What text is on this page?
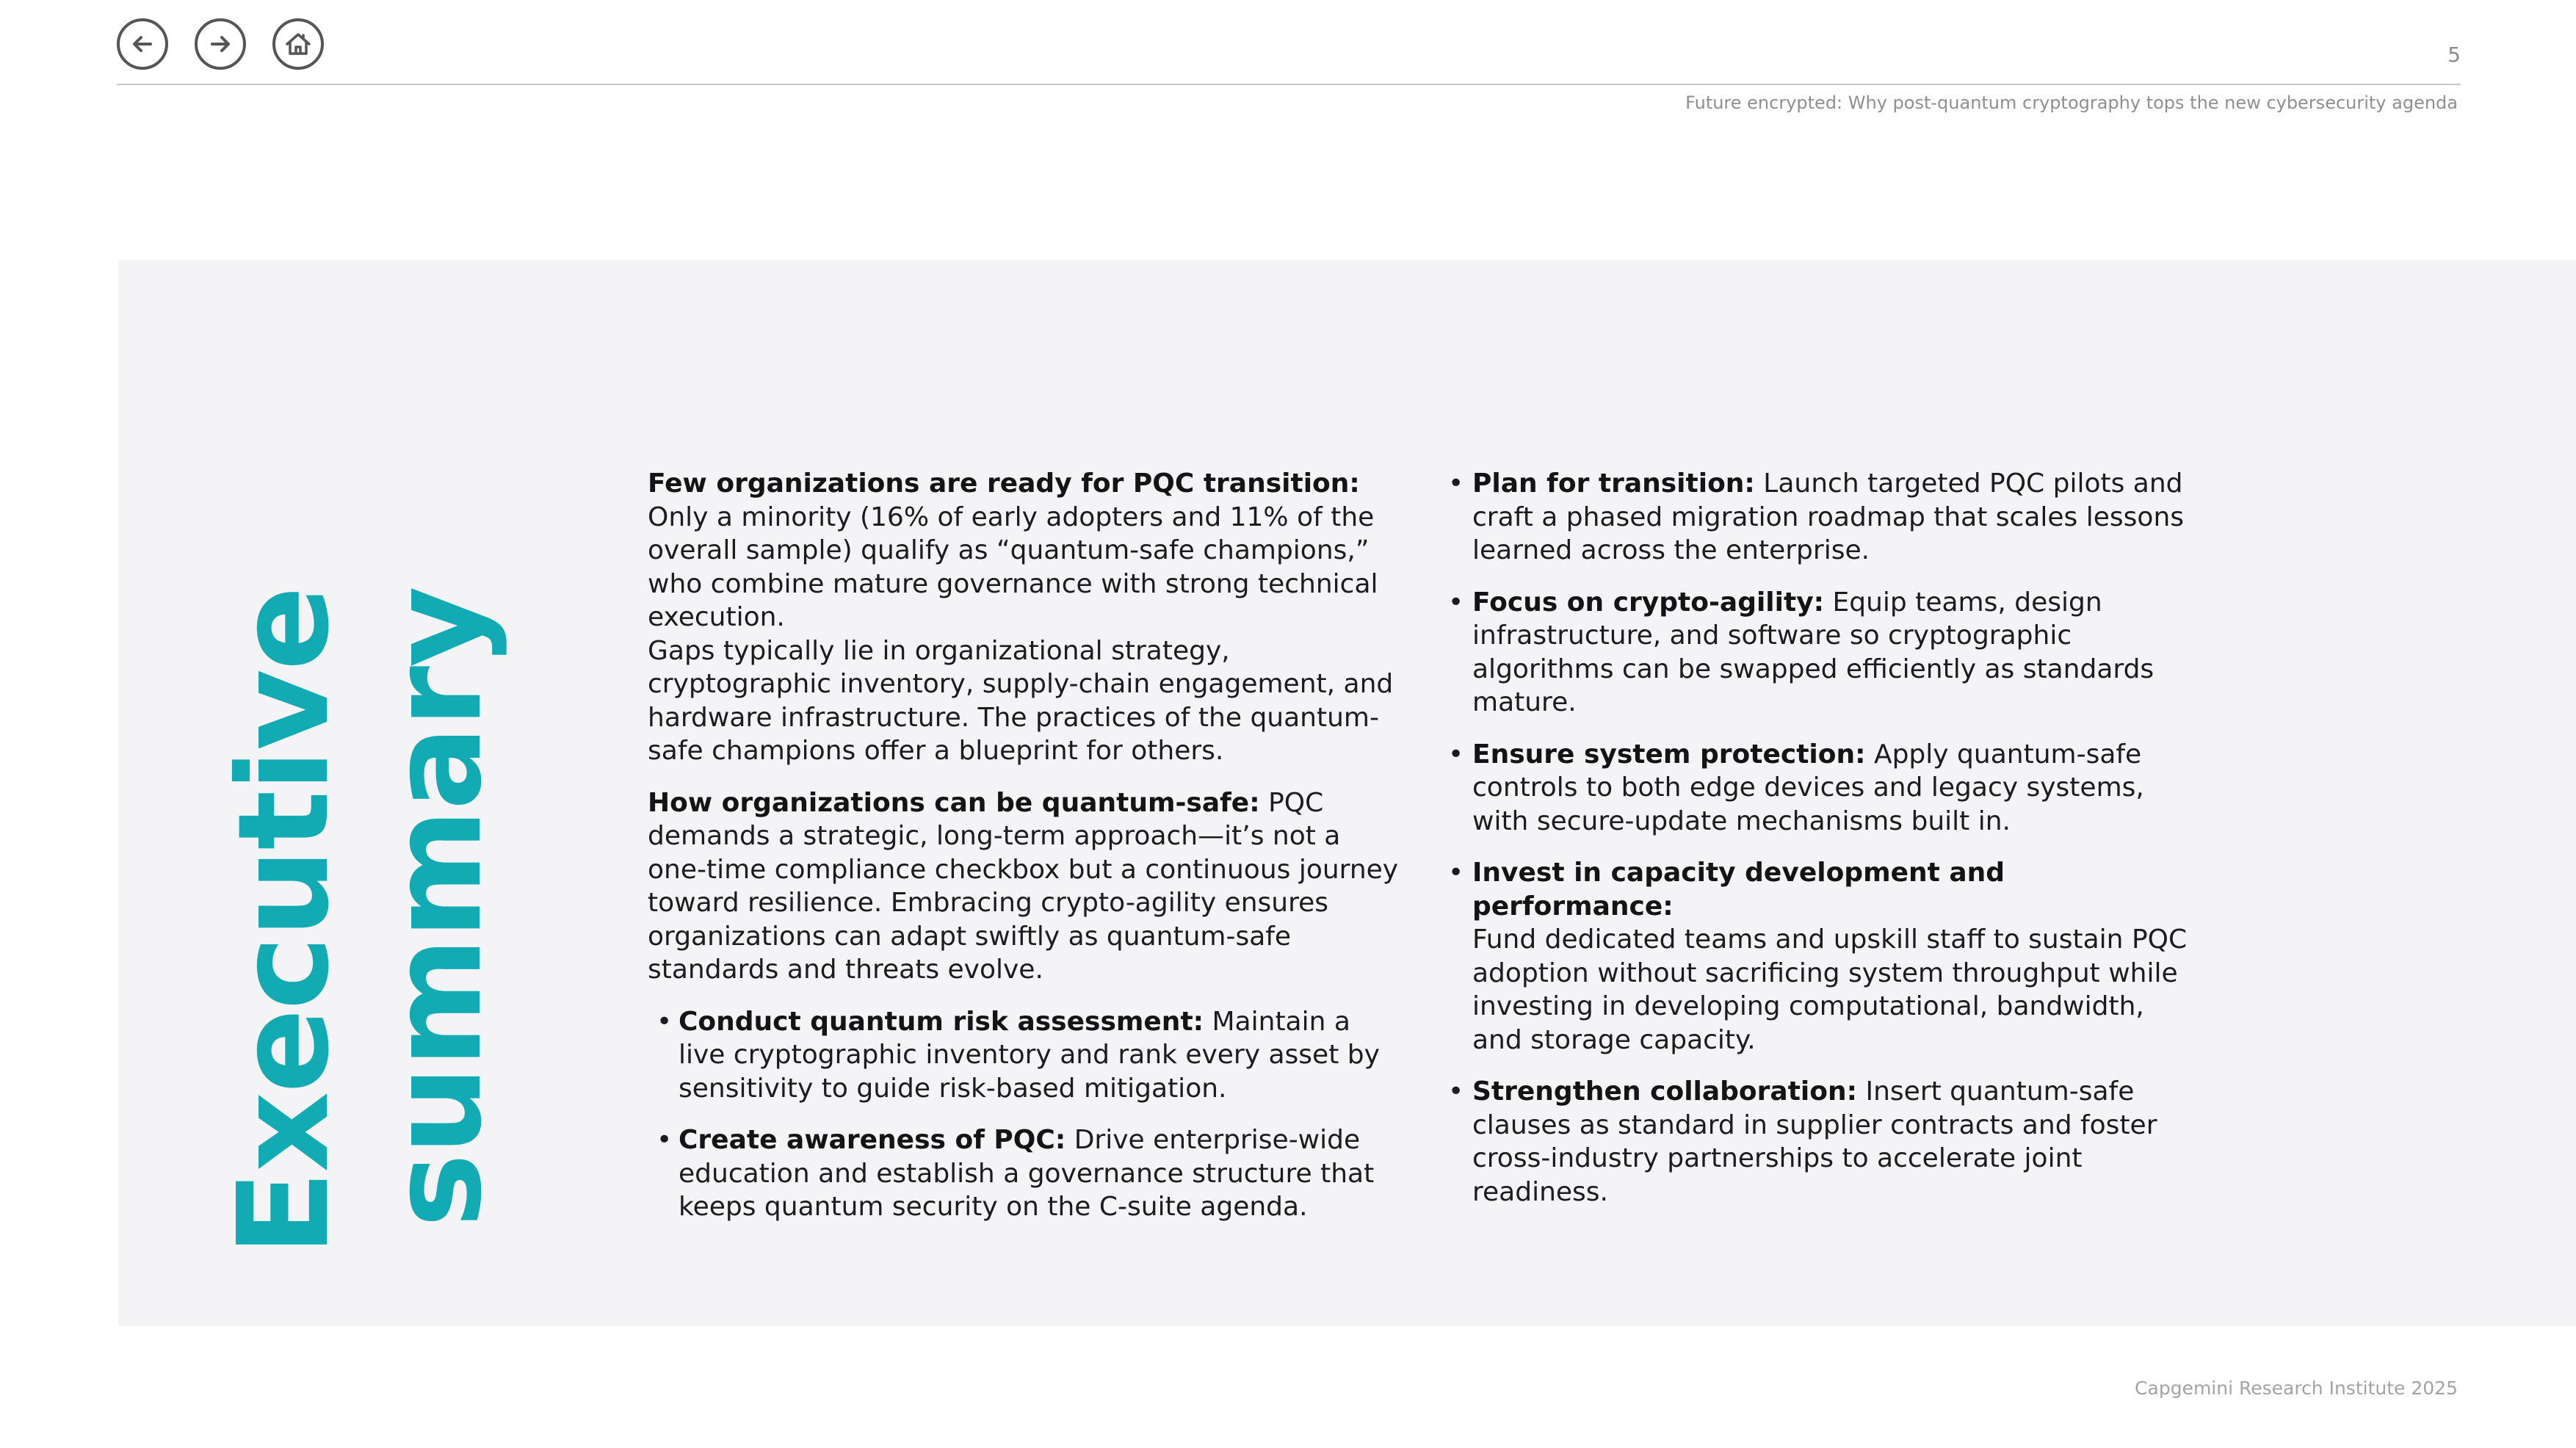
5
Future encrypted: Why post-quantum cryptography tops the new cybersecurity agenda
Executive summary

Few organizations are ready for PQC transition: Only a minority (16% of early adopters and 11% of the overall sample) qualify as “quantum-safe champions,” who combine mature governance with strong technical execution.
Gaps typically lie in organizational strategy, cryptographic inventory, supply-chain engagement, and hardware infrastructure. The practices of the quantum-safe champions offer a blueprint for others.

How organizations can be quantum-safe: PQC demands a strategic, long-term approach—it’s not a one-time compliance checkbox but a continuous journey toward resilience. Embracing crypto-agility ensures organizations can adapt swiftly as quantum-safe standards and threats evolve.

• Conduct quantum risk assessment: Maintain a live cryptographic inventory and rank every asset by sensitivity to guide risk-based mitigation.
• Create awareness of PQC: Drive enterprise-wide education and establish a governance structure that keeps quantum security on the C-suite agenda.
• Plan for transition: Launch targeted PQC pilots and craft a phased migration roadmap that scales lessons learned across the enterprise.
• Focus on crypto-agility: Equip teams, design infrastructure, and software so cryptographic algorithms can be swapped efficiently as standards mature.
• Ensure system protection: Apply quantum-safe controls to both edge devices and legacy systems, with secure-update mechanisms built in.
• Invest in capacity development and performance:
Fund dedicated teams and upskill staff to sustain PQC adoption without sacrificing system throughput while investing in developing computational, bandwidth, and storage capacity.
• Strengthen collaboration: Insert quantum-safe clauses as standard in supplier contracts and foster cross-industry partnerships to accelerate joint readiness.
Capgemini Research Institute 2025
